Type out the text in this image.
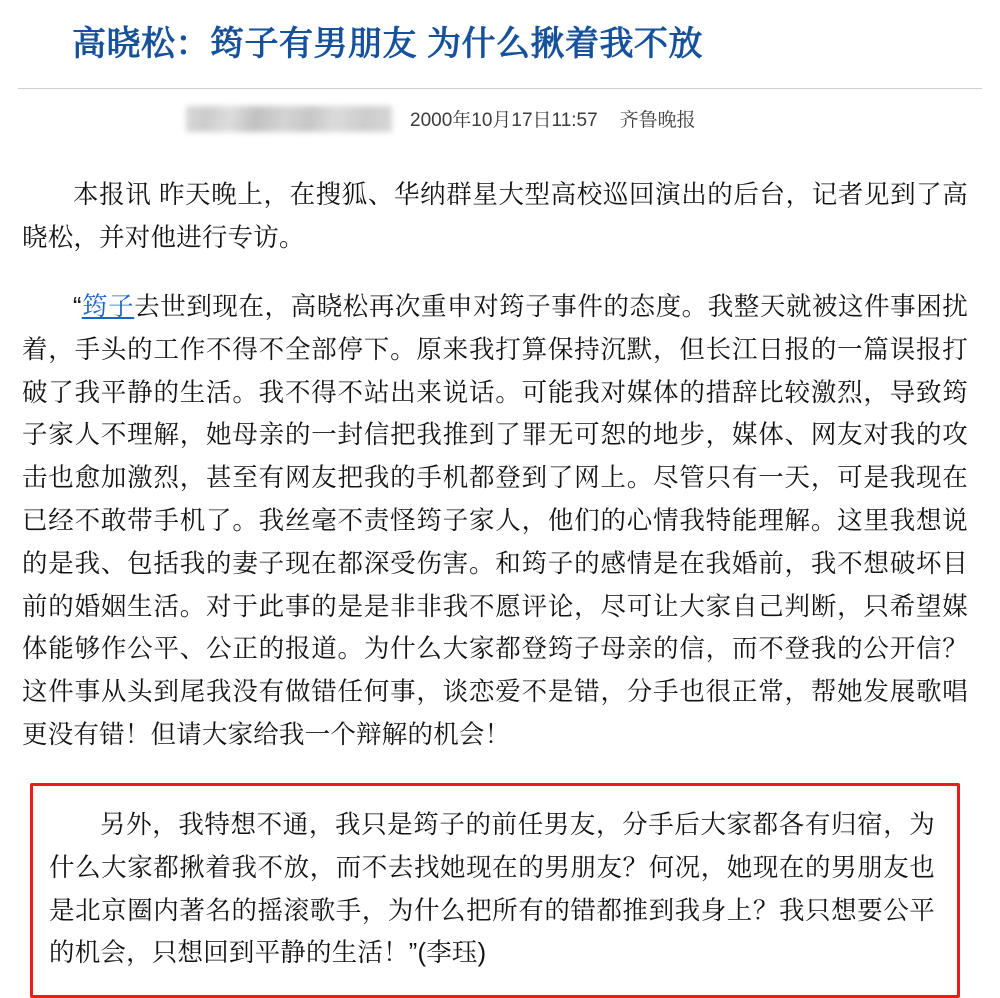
高晓松：筠子有男朋友 为什么揪着我不放
2000年10月17日11:57 齐鲁晚报

本报讯 昨天晚上，在搜狐、华纳群星大型高校巡回演出的后台，记者见到了高晓松，并对他进行专访。

“筠子去世到现在，高晓松再次重申对筠子事件的态度。我整天就被这件事困扰着，手头的工作不得不全部停下。原来我打算保持沉默，但长江日报的一篇误报打破了我平静的生活。我不得不站出来说话。可能我对媒体的措辞比较激烈，导致筠子家人不理解，她母亲的一封信把我推到了罪无可恕的地步，媒体、网友对我的攻击也愈加激烈，甚至有网友把我的手机都登到了网上。尽管只有一天，可是我现在已经不敢带手机了。我丝毫不责怪筠子家人，他们的心情我特能理解。这里我想说的是我、包括我的妻子现在都深受伤害。和筠子的感情是在我婚前，我不想破坏目前的婚姻生活。对于此事的是是非非我不愿评论，尽可让大家自己判断，只希望媒体能够作公平、公正的报道。为什么大家都登筠子母亲的信，而不登我的公开信？这件事从头到尾我没有做错任何事，谈恋爱不是错，分手也很正常，帮她发展歌唱更没有错！但请大家给我一个辩解的机会！

另外，我特想不通，我只是筠子的前任男友，分手后大家都各有归宿，为什么大家都揪着我不放，而不去找她现在的男朋友？何况，她现在的男朋友也是北京圈内著名的摇滚歌手，为什么把所有的错都推到我身上？我只想要公平的机会，只想回到平静的生活！”(李珏)
